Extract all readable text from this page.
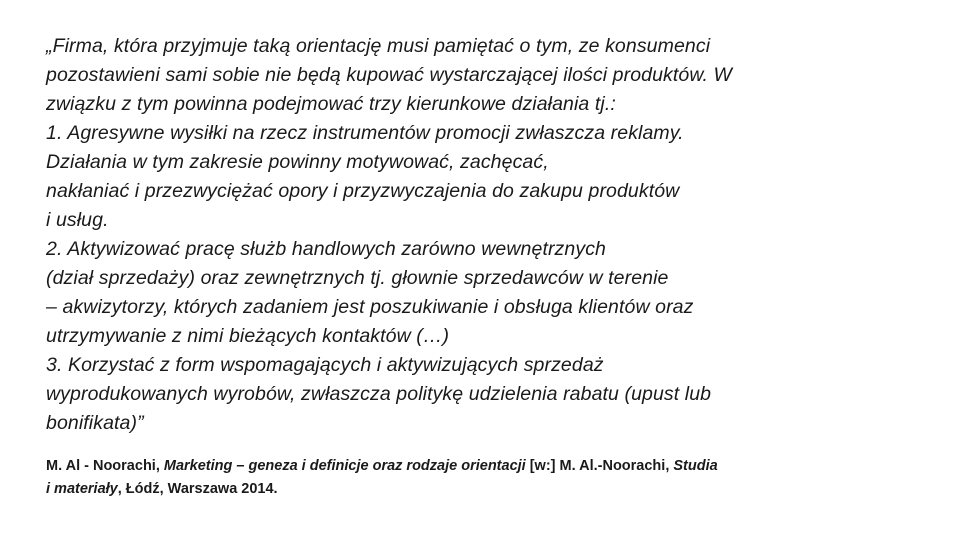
„Firma, która przyjmuje taką orientację musi pamiętać o tym, ze konsumenci
pozostawieni sami sobie nie będą kupować wystarczającej ilości produktów. W
związku z tym powinna podejmować trzy kierunkowe działania tj.:
1. Agresywne wysiłki na rzecz instrumentów promocji zwłaszcza reklamy.
Działania w tym zakresie powinny motywować, zachęcać,
nakłaniać i przezwyciężać opory i przyzwyczajenia do zakupu produktów
i usług.
2. Aktywizować pracę służb handlowych zarówno wewnętrznych
(dział sprzedaży) oraz zewnętrznych tj. głownie sprzedawców w terenie
– akwizytorzy, których zadaniem jest poszukiwanie i obsługa klientów oraz
utrzymywanie z nimi bieżących kontaktów (…)
3. Korzystać z form wspomagających i aktywizujących sprzedaż
wyprodukowanych wyrobów, zwłaszcza politykę udzielenia rabatu (upust lub
bonifikata)”

M. Al - Noorachi, Marketing – geneza i definicje oraz rodzaje orientacji [w:] M. Al.-Noorachi, Studia
i materiały, Łódź, Warszawa 2014.
